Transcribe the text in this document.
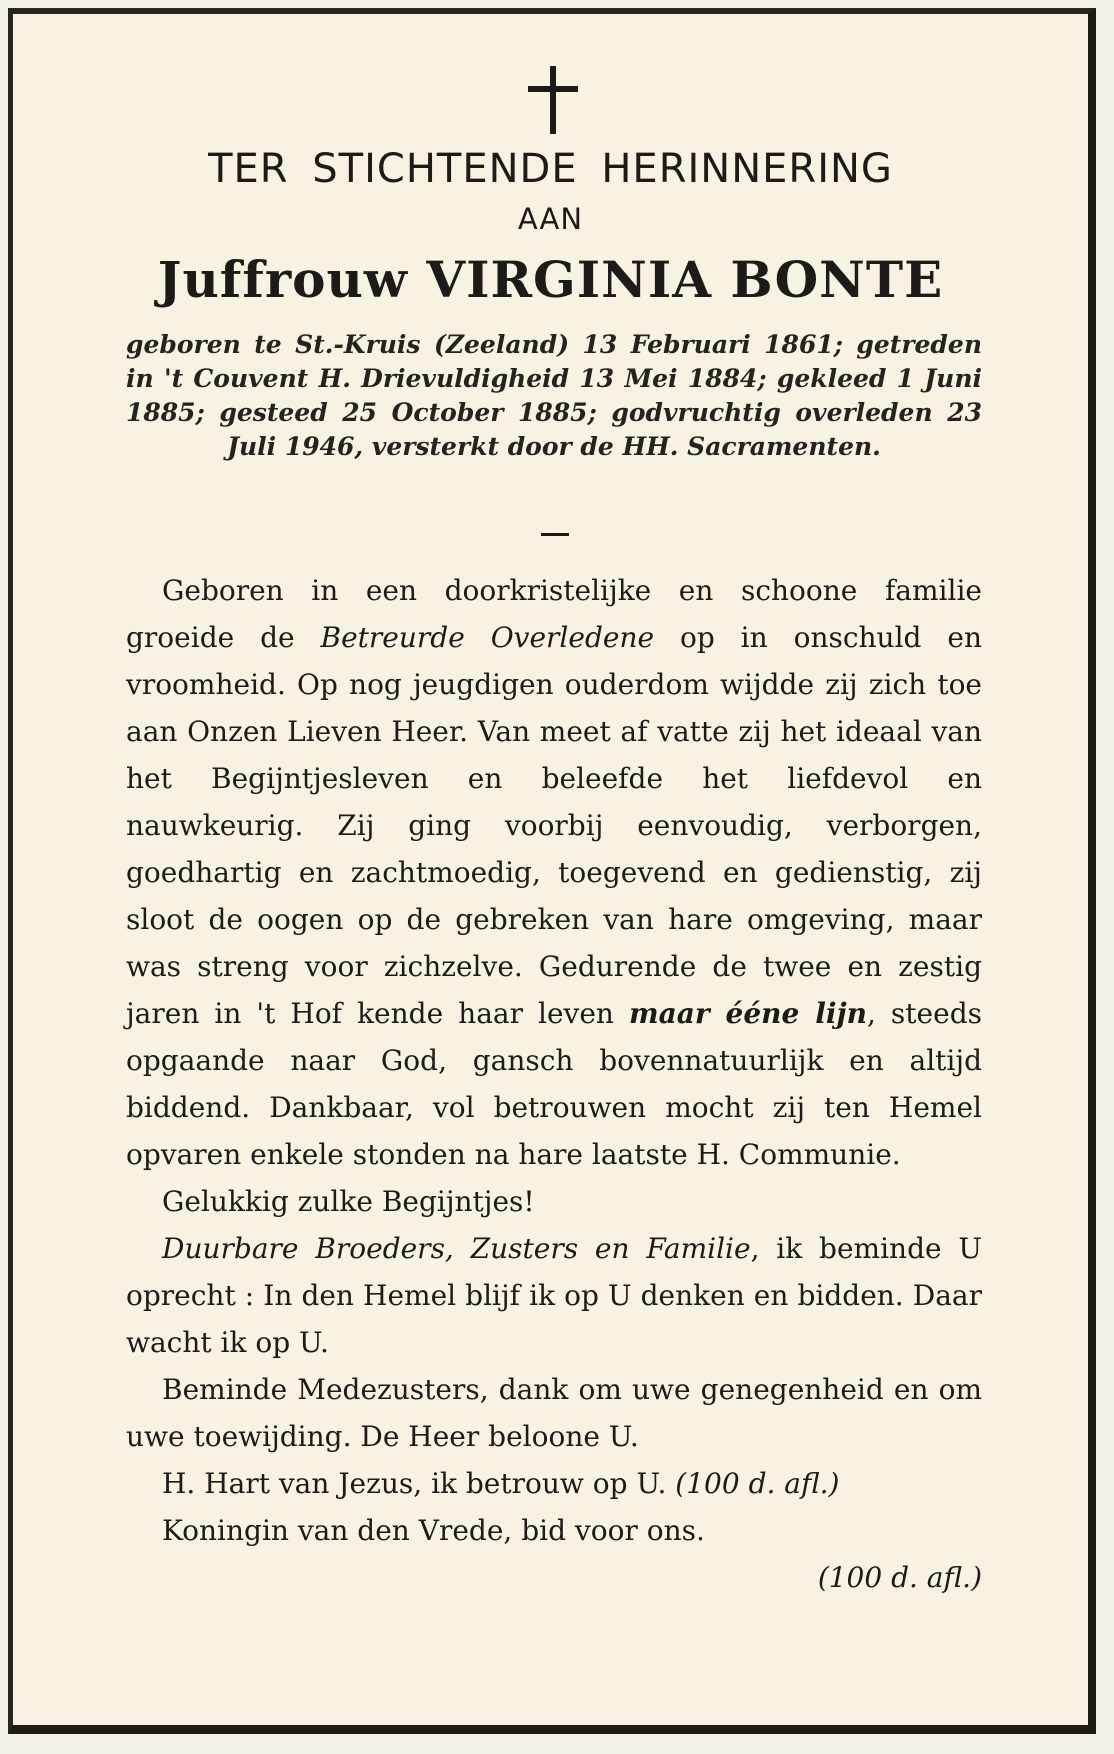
TER STICHTENDE HERINNERING
AAN
Juffrouw VIRGINIA BONTE
geboren te St.-Kruis (Zeeland) 13 Februari 1861; getreden in 't Couvent H. Drievuldigheid 13 Mei 1884; gekleed 1 Juni 1885; gesteed 25 October 1885; godvruchtig overleden 23 Juli 1946, versterkt door de HH. Sacramenten.

Geboren in een doorkristelijke en schoone familie groeide de Betreurde Overledene op in onschuld en vroomheid. Op nog jeugdigen ouderdom wijdde zij zich toe aan Onzen Lieven Heer. Van meet af vatte zij het ideaal van het Begijntjesleven en beleefde het liefdevol en nauwkeurig. Zij ging voorbij eenvoudig, verborgen, goedhartig en zachtmoedig, toegevend en gedienstig, zij sloot de oogen op de gebreken van hare omgeving, maar was streng voor zichzelve. Gedurende de twee en zestig jaren in 't Hof kende haar leven maar éénе lijn, steeds opgaande naar God, gansch bovennatuurlijk en altijd biddend. Dankbaar, vol betrouwen mocht zij ten Hemel opvaren enkele stonden na hare laatste H. Communie.

Gelukkig zulke Begijntjes!

Duurbare Broeders, Zusters en Familie, ik beminde U oprecht : In den Hemel blijf ik op U denken en bidden. Daar wacht ik op U.

Beminde Medezusters, dank om uwe genegenheid en om uwe toewijding. De Heer beloone U.

H. Hart van Jezus, ik betrouw op U. (100 d. afl.)

Koningin van den Vrede, bid voor ons.

(100 d. afl.)
